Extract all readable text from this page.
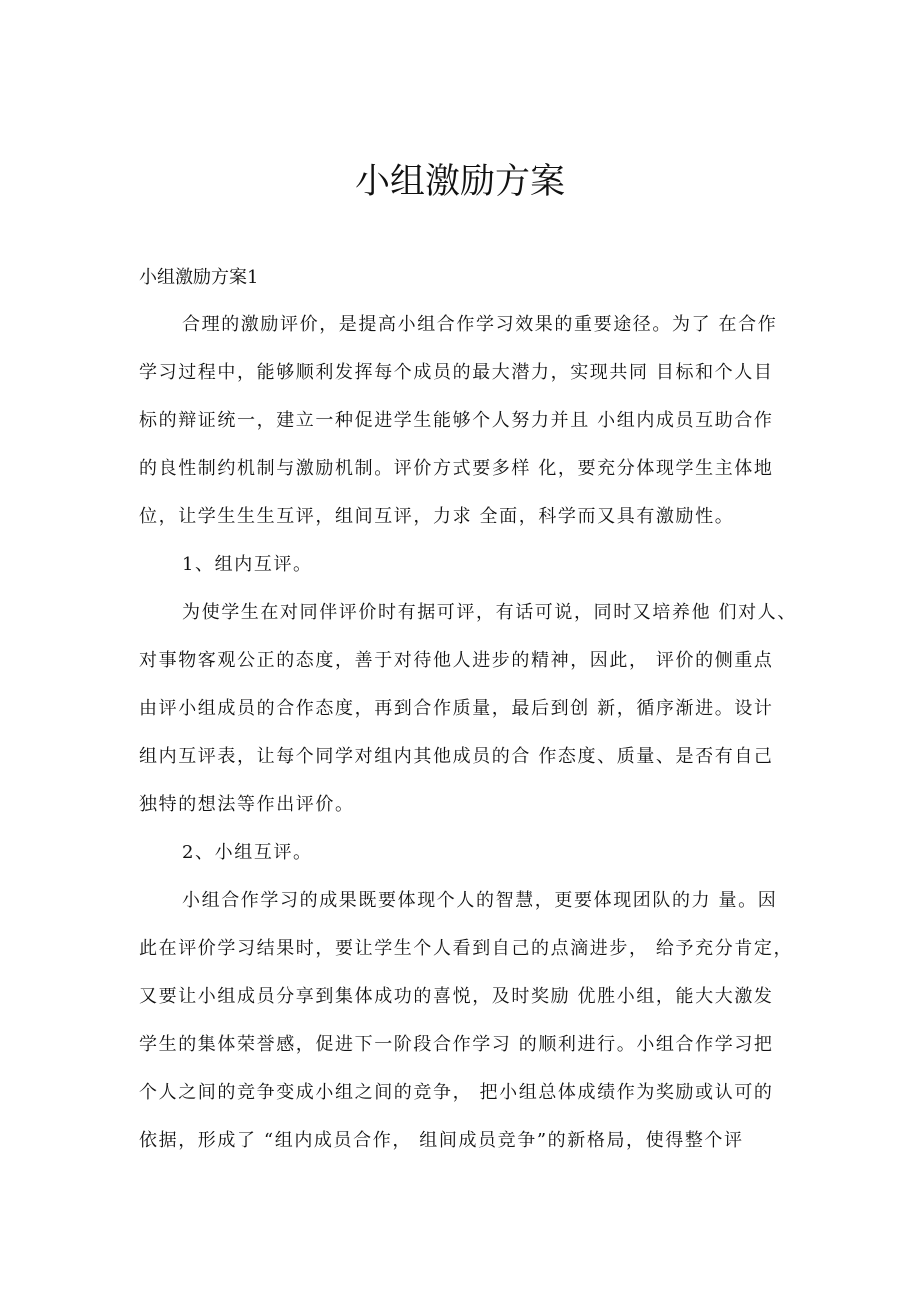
小组激励方案
小组激励方案1

合理的激励评价，是提高小组合作学习效果的重要途径。为了 在合作

学习过程中，能够顺利发挥每个成员的最大潜力，实现共同 目标和个人目

标的辩证统一，建立一种促进学生能够个人努力并且 小组内成员互助合作

的良性制约机制与激励机制。评价方式要多样 化，要充分体现学生主体地

位，让学生生生互评，组间互评，力求 全面，科学而又具有激励性。

1、组内互评。

为使学生在对同伴评价时有据可评，有话可说，同时又培养他 们对人、

对事物客观公正的态度，善于对待他人进步的精神，因此， 评价的侧重点

由评小组成员的合作态度，再到合作质量，最后到创 新，循序渐进。设计

组内互评表，让每个同学对组内其他成员的合 作态度、质量、是否有自己

独特的想法等作出评价。

2、小组互评。

小组合作学习的成果既要体现个人的智慧，更要体现团队的力 量。因

此在评价学习结果时，要让学生个人看到自己的点滴进步， 给予充分肯定，

又要让小组成员分享到集体成功的喜悦，及时奖励 优胜小组，能大大激发

学生的集体荣誉感，促进下一阶段合作学习 的顺利进行。小组合作学习把

个人之间的竞争变成小组之间的竞争， 把小组总体成绩作为奖励或认可的

依据，形成了 “组内成员合作， 组间成员竞争”的新格局，使得整个评
